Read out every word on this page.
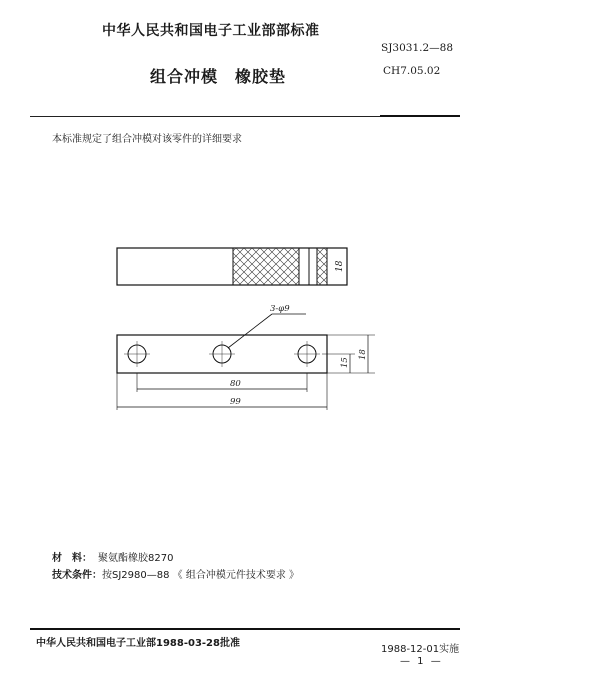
中华人民共和国电子工业部部标准
组合冲模　橡胶垫
SJ3031.2—88
CH7.05.02
本标准规定了组合冲模对该零件的详细要求
18
3-φ9
18
15
80
99
材　料： 聚氨酯橡胶8270
技术条件：按SJ2980—88 《 组合冲模元件技术要求 》
中华人民共和国电子工业部1988-03-28批准
1988-12-01实施
— 1 —
